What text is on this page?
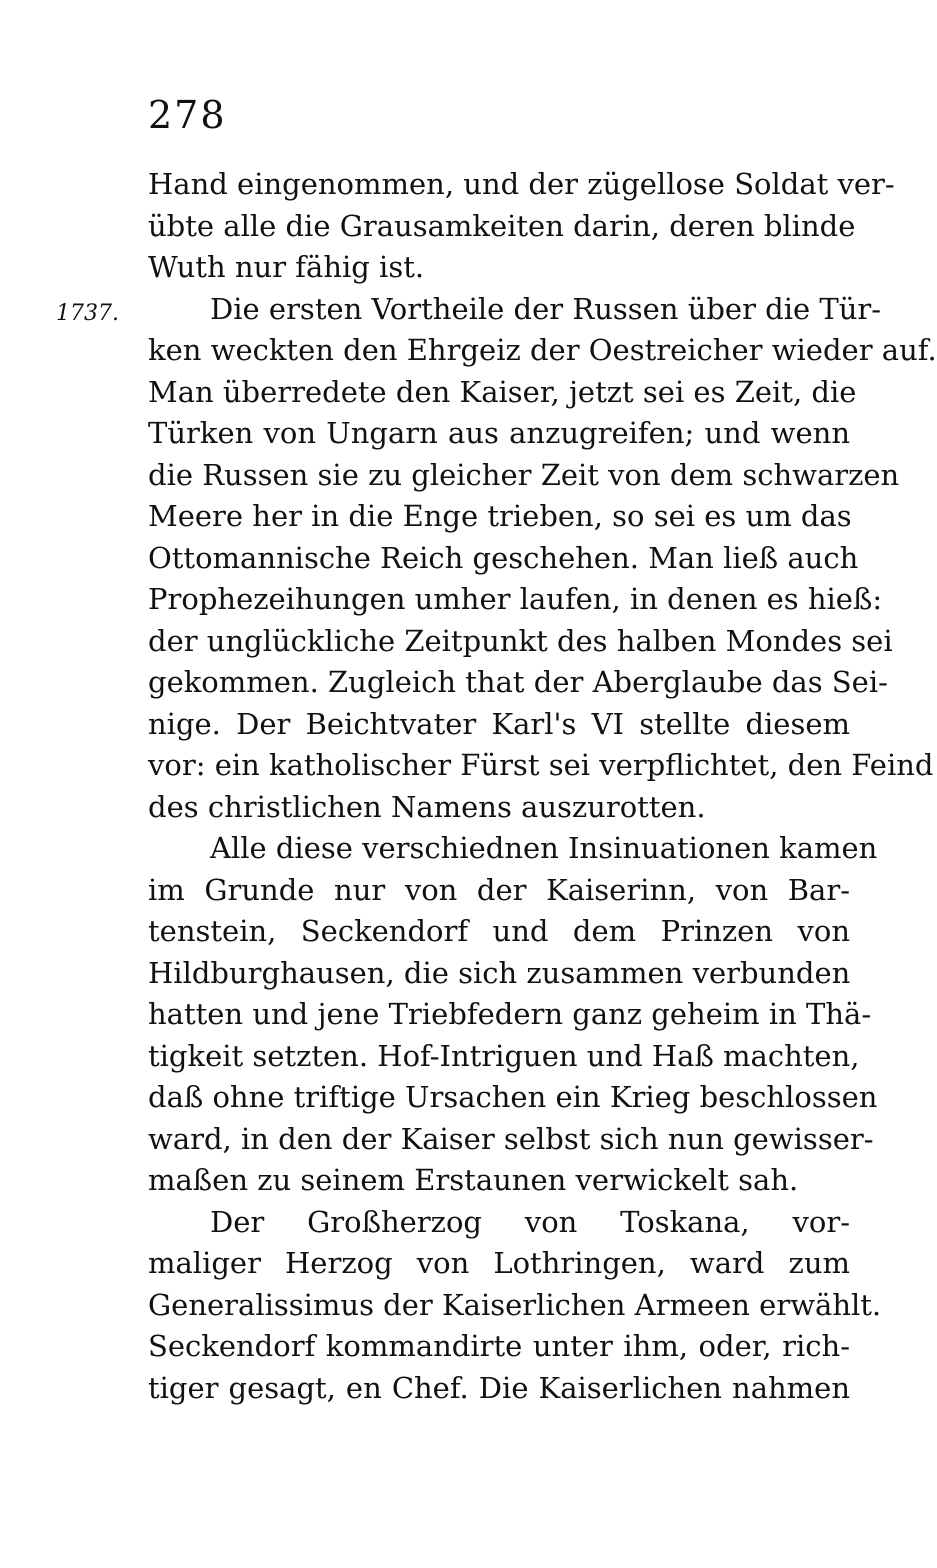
278
1737.
Hand eingenommen, und der zügellose Soldat ver-
übte alle die Grausamkeiten darin, deren blinde
Wuth nur fähig ist.
Die ersten Vortheile der Russen über die Tür-
ken weckten den Ehrgeiz der Oestreicher wieder auf.
Man überredete den Kaiser, jetzt sei es Zeit, die
Türken von Ungarn aus anzugreifen; und wenn
die Russen sie zu gleicher Zeit von dem schwarzen
Meere her in die Enge trieben, so sei es um das
Ottomannische Reich geschehen. Man ließ auch
Prophezeihungen umher laufen, in denen es hieß:
der unglückliche Zeitpunkt des halben Mondes sei
gekommen. Zugleich that der Aberglaube das Sei-
nige. Der Beichtvater Karl's VI stellte diesem
vor: ein katholischer Fürst sei verpflichtet, den Feind
des christlichen Namens auszurotten.
Alle diese verschiednen Insinuationen kamen
im Grunde nur von der Kaiserinn, von Bar-
tenstein, Seckendorf und dem Prinzen von
Hildburghausen, die sich zusammen verbunden
hatten und jene Triebfedern ganz geheim in Thä-
tigkeit setzten. Hof-Intriguen und Haß machten,
daß ohne triftige Ursachen ein Krieg beschlossen
ward, in den der Kaiser selbst sich nun gewisser-
maßen zu seinem Erstaunen verwickelt sah.
Der Großherzog von Toskana, vor-
maliger Herzog von Lothringen, ward zum
Generalissimus der Kaiserlichen Armeen erwählt.
Seckendorf kommandirte unter ihm, oder, rich-
tiger gesagt, en Chef. Die Kaiserlichen nahmen
